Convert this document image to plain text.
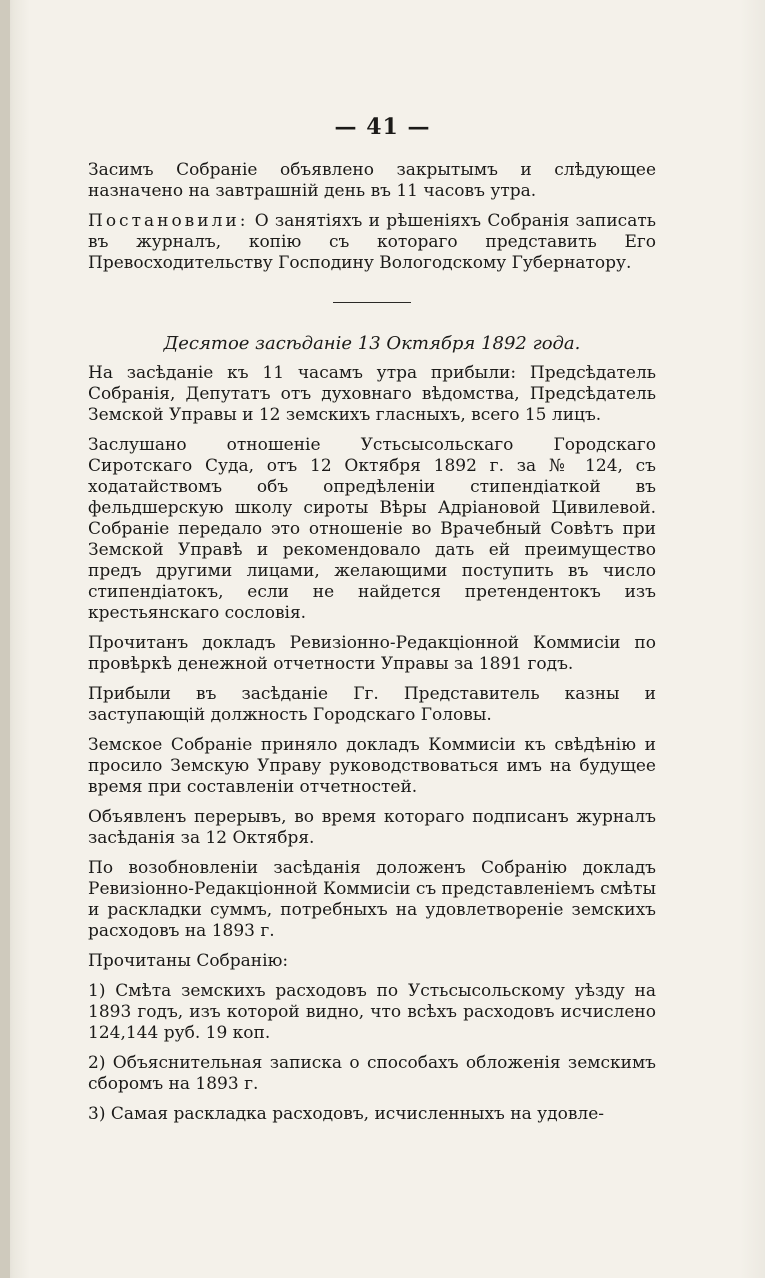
— 41 —

Засимъ Собраніе объявлено закрытымъ и слѣдующее назначено на завтрашній день въ 11 часовъ утра.

Постановили: О занятіяхъ и рѣшеніяхъ Собранія записать въ журналъ, копію съ котораго представить Его Превосходительству Господину Вологодскому Губернатору.

Десятое засѣданіе 13 Октября 1892 года.

На засѣданіе къ 11 часамъ утра прибыли: Предсѣдатель Собранія, Депутатъ отъ духовнаго вѣдомства, Предсѣдатель Земской Управы и 12 земскихъ гласныхъ, всего 15 лицъ.

Заслушано отношеніе Устьсысольскаго Городскаго Сиротскаго Суда, отъ 12 Октября 1892 г. за № 124, съ ходатайствомъ объ опредѣленіи стипендіаткой въ фельдшерскую школу сироты Вѣры Адріановой Цивилевой. Собраніе передало это отношеніе во Врачебный Совѣтъ при Земской Управѣ и рекомендовало дать ей преимущество предъ другими лицами, желающими поступить въ число стипендіатокъ, если не найдется претендентокъ изъ крестьянскаго сословія.

Прочитанъ докладъ Ревизіонно-Редакціонной Коммисіи по провѣркѣ денежной отчетности Управы за 1891 годъ.

Прибыли въ засѣданіе Гг. Представитель казны и заступающій должность Городскаго Головы.

Земское Собраніе приняло докладъ Коммисіи къ свѣдѣнію и просило Земскую Управу руководствоваться имъ на будущее время при составленіи отчетностей.

Объявленъ перерывъ, во время котораго подписанъ журналъ засѣданія за 12 Октября.

По возобновленіи засѣданія доложенъ Собранію докладъ Ревизіонно-Редакціонной Коммисіи съ представленіемъ смѣты и раскладки суммъ, потребныхъ на удовлетвореніе земскихъ расходовъ на 1893 г.

Прочитаны Собранію:

1) Смѣта земскихъ расходовъ по Устьсысольскому уѣзду на 1893 годъ, изъ которой видно, что всѣхъ расходовъ исчислено 124,144 руб. 19 коп.

2) Объяснительная записка о способахъ обложенія земскимъ сборомъ на 1893 г.

3) Самая раскладка расходовъ, исчисленныхъ на удовле-
